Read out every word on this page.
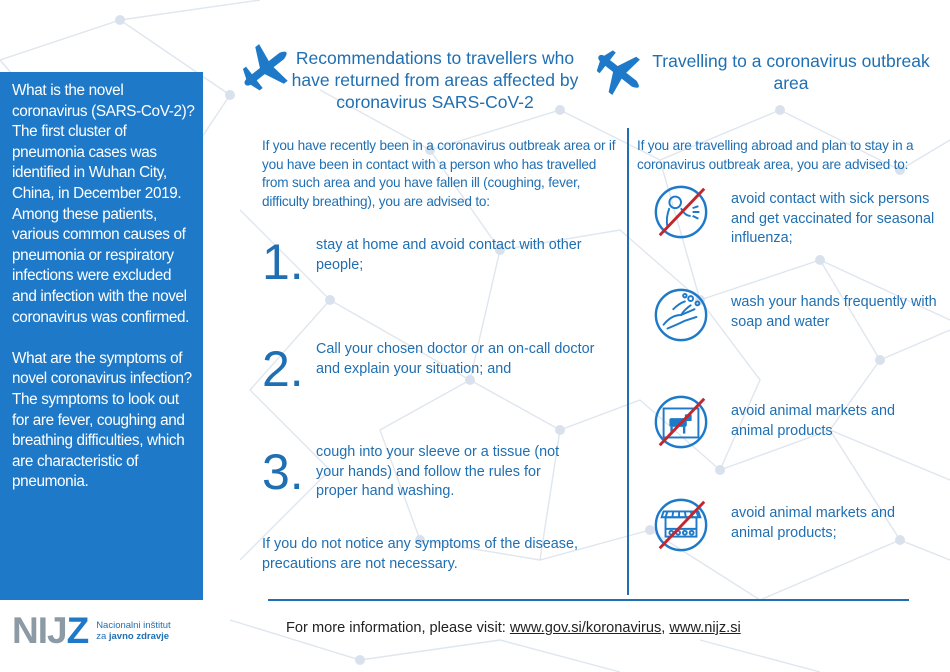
What is the novel coronavirus (SARS-CoV-2)? The first cluster of pneumonia cases was identified in Wuhan City, China, in December 2019. Among these patients, various common causes of pneumonia or respiratory infections were excluded and infection with the novel coronavirus was confirmed.

What are the symptoms of novel coronavirus infection?

The symptoms to look out for are fever, coughing and breathing difficulties, which are characteristic of pneumonia.

Recommendations to travellers who have returned from areas affected by coronavirus SARS-CoV-2
If you have recently been in a coronavirus outbreak area or if you have been in contact with a person who has travelled from such area and you have fallen ill (coughing, fever, difficulty breathing), you are advised to:
1. stay at home and avoid contact with other people;
2. Call your chosen doctor or an on-call doctor and explain your situation; and
3. cough into your sleeve or a tissue (not your hands) and follow the rules for proper hand washing.
If you do not notice any symptoms of the disease, precautions are not necessary.
Travelling to a coronavirus outbreak area
If you are travelling abroad and plan to stay in a coronavirus outbreak area, you are advised to:
avoid contact with sick persons and get vaccinated for seasonal influenza;
wash your hands frequently with soap and water
avoid animal markets and animal products
avoid animal markets and animal products;
NIJZ Nacionalni inštitut
za javno zdravje
For more information, please visit: www.gov.si/koronavirus, www.nijz.si
